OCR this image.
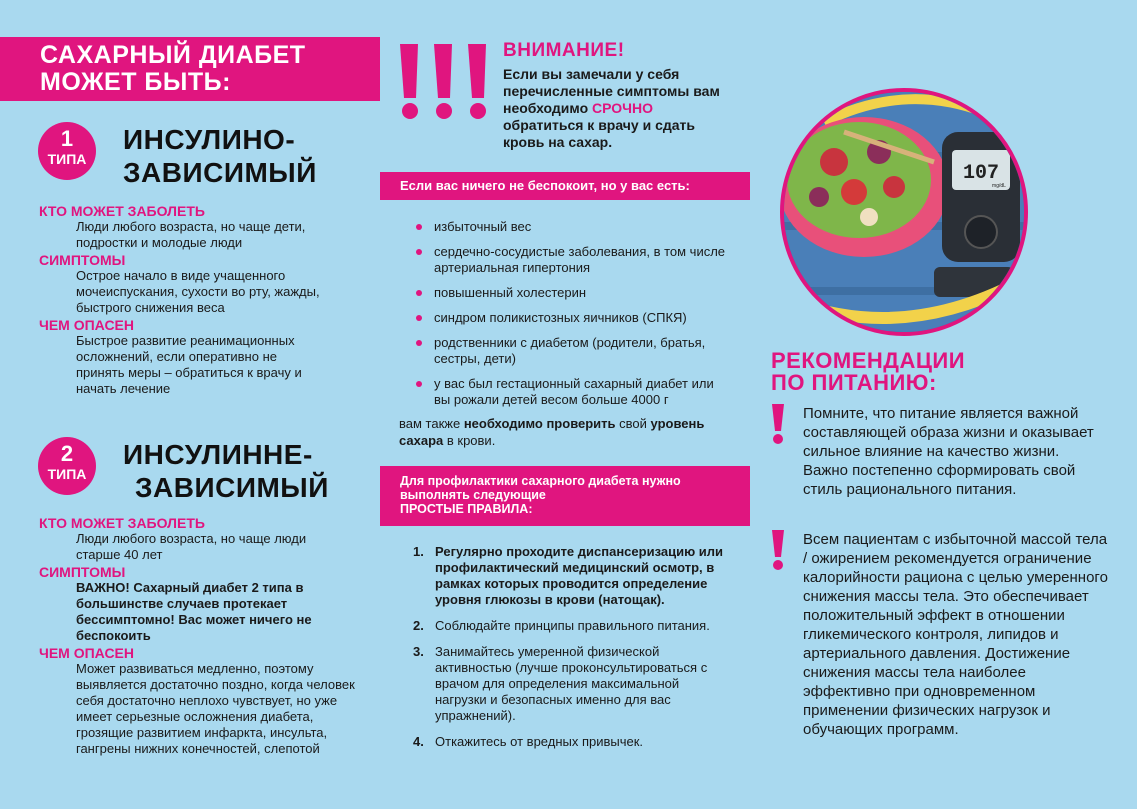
САХАРНЫЙ ДИАБЕТ
МОЖЕТ БЫТЬ:
1
ТИПА
ИНСУЛИНО-
ЗАВИСИМЫЙ
КТО МОЖЕТ ЗАБОЛЕТЬ
Люди любого возраста, но чаще дети, подростки и молодые люди
СИМПТОМЫ
Острое начало в виде учащенного мочеиспускания, сухости во рту, жажды, быстрого снижения веса
ЧЕМ ОПАСЕН
Быстрое развитие реанимационных осложнений, если оперативно не принять меры – обратиться к врачу и начать лечение
2
ТИПА
ИНСУЛИННЕ-
ЗАВИСИМЫЙ
КТО МОЖЕТ ЗАБОЛЕТЬ
Люди любого возраста, но чаще люди старше 40 лет
СИМПТОМЫ
ВАЖНО! Сахарный диабет 2 типа в большинстве случаев протекает бессимптомно! Вас может ничего не беспокоить
ЧЕМ ОПАСЕН
Может развиваться медленно, поэтому выявляется достаточно поздно, когда человек себя достаточно неплохо чувствует, но уже имеет серьезные осложнения диабета, грозящие развитием инфаркта, инсульта, гангрены нижних конечностей, слепотой
ВНИМАНИЕ!
Если вы замечали у себя перечисленные симптомы вам необходимо СРОЧНО обратиться к врачу и сдать кровь на сахар.
Если вас ничего не беспокоит, но у вас есть:
избыточный вес
сердечно-сосудистые заболевания, в том числе артериальная гипертония
повышенный холестерин
синдром поликистозных яичников (СПКЯ)
родственники с диабетом (родители, братья, сестры, дети)
у вас был гестационный сахарный диабет или вы рожали детей весом больше 4000 г
вам также необходимо проверить свой уровень сахара в крови.
Для профилактики сахарного диабета нужно выполнять следующие
ПРОСТЫЕ ПРАВИЛА:
1. Регулярно проходите диспансеризацию или профилактический медицинский осмотр, в рамках которых проводится определение уровня глюкозы в крови (натощак).
2. Соблюдайте принципы правильного питания.
3. Занимайтесь умеренной физической активностью (лучше проконсультироваться с врачом для определения максимальной нагрузки и безопасных именно для вас упражнений).
4. Откажитесь от вредных привычек.
107
mg/dL
РЕКОМЕНДАЦИИ
ПО ПИТАНИЮ:
Помните, что питание является важной составляющей образа жизни и оказывает сильное влияние на качество жизни. Важно постепенно сформировать свой стиль рационального питания.
Всем пациентам с избыточной массой тела / ожирением рекомендуется ограничение калорийности рациона с целью умеренного снижения массы тела. Это обеспечивает положительный эффект в отношении гликемического контроля, липидов и артериального давления. Достижение снижения массы тела наиболее эффективно при одновременном применении физических нагрузок и обучающих программ.
